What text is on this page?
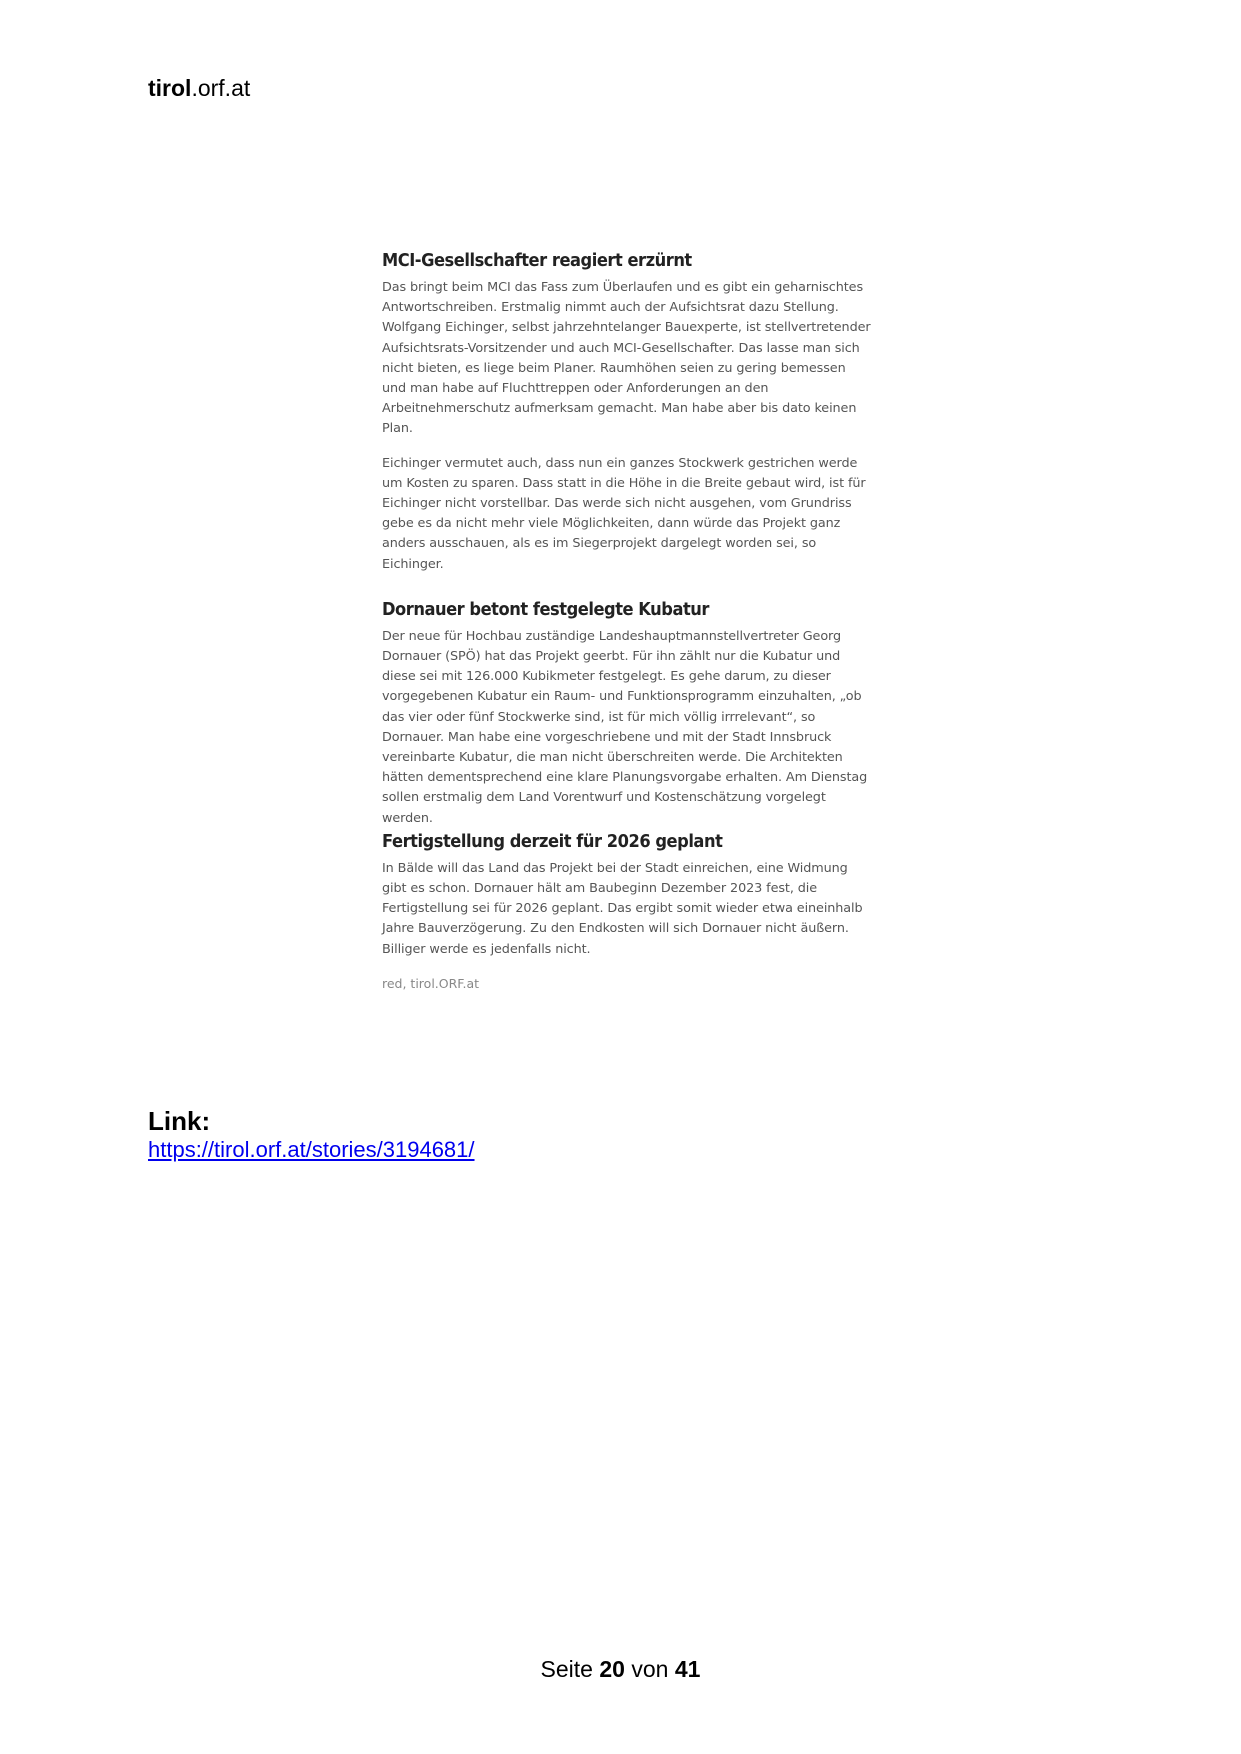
tirol.orf.at
MCI-Gesellschafter reagiert erzürnt

Das bringt beim MCI das Fass zum Überlaufen und es gibt ein geharnischtes Antwortschreiben. Erstmalig nimmt auch der Aufsichtsrat dazu Stellung. Wolfgang Eichinger, selbst jahrzehntelanger Bauexperte, ist stellvertretender Aufsichtsrats-Vorsitzender und auch MCI-Gesellschafter. Das lasse man sich nicht bieten, es liege beim Planer. Raumhöhen seien zu gering bemessen und man habe auf Fluchttreppen oder Anforderungen an den Arbeitnehmerschutz aufmerksam gemacht. Man habe aber bis dato keinen Plan.

Eichinger vermutet auch, dass nun ein ganzes Stockwerk gestrichen werde um Kosten zu sparen. Dass statt in die Höhe in die Breite gebaut wird, ist für Eichinger nicht vorstellbar. Das werde sich nicht ausgehen, vom Grundriss gebe es da nicht mehr viele Möglichkeiten, dann würde das Projekt ganz anders ausschauen, als es im Siegerprojekt dargelegt worden sei, so Eichinger.

Dornauer betont festgelegte Kubatur

Der neue für Hochbau zuständige Landeshauptmannstellvertreter Georg Dornauer (SPÖ) hat das Projekt geerbt. Für ihn zählt nur die Kubatur und diese sei mit 126.000 Kubikmeter festgelegt. Es gehe darum, zu dieser vorgegebenen Kubatur ein Raum- und Funktionsprogramm einzuhalten, „ob das vier oder fünf Stockwerke sind, ist für mich völlig irrrelevant“, so Dornauer. Man habe eine vorgeschriebene und mit der Stadt Innsbruck vereinbarte Kubatur, die man nicht überschreiten werde. Die Architekten hätten dementsprechend eine klare Planungsvorgabe erhalten. Am Dienstag sollen erstmalig dem Land Vorentwurf und Kostenschätzung vorgelegt werden.

Fertigstellung derzeit für 2026 geplant

In Bälde will das Land das Projekt bei der Stadt einreichen, eine Widmung gibt es schon. Dornauer hält am Baubeginn Dezember 2023 fest, die Fertigstellung sei für 2026 geplant. Das ergibt somit wieder etwa eineinhalb Jahre Bauverzögerung. Zu den Endkosten will sich Dornauer nicht äußern. Billiger werde es jedenfalls nicht.

red, tirol.ORF.at
Link:
https://tirol.orf.at/stories/3194681/
Seite 20 von 41
